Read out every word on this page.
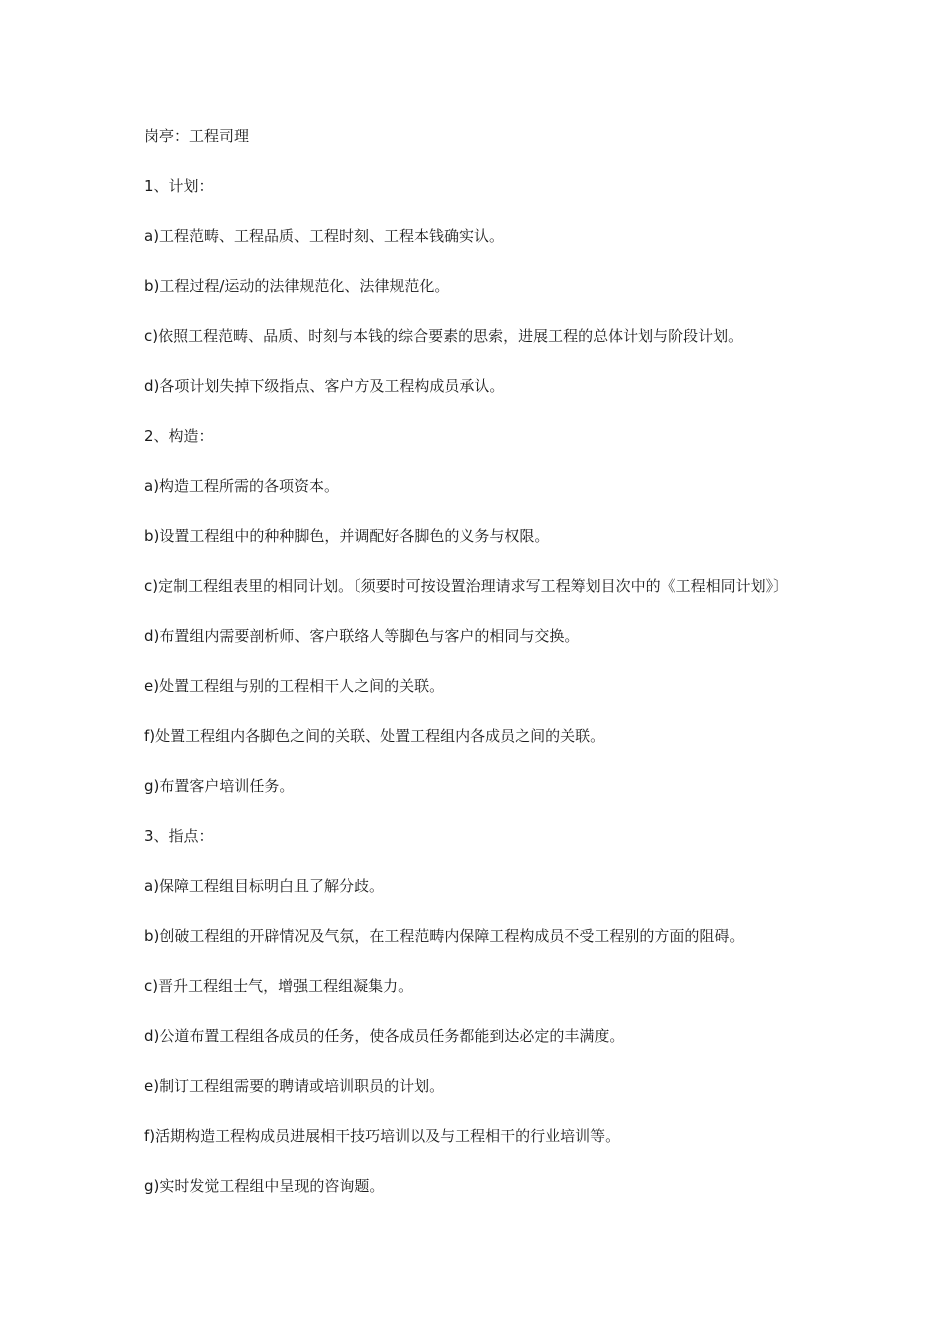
岗亭：工程司理

1、计划：

a)工程范畴、工程品质、工程时刻、工程本钱确实认。

b)工程过程/运动的法律规范化、法律规范化。

c)依照工程范畴、品质、时刻与本钱的综合要素的思索，进展工程的总体计划与阶段计划。

d)各项计划失掉下级指点、客户方及工程构成员承认。

2、构造：

a)构造工程所需的各项资本。

b)设置工程组中的种种脚色，并调配好各脚色的义务与权限。

c)定制工程组表里的相同计划。〔须要时可按设置治理请求写工程筹划目次中的《工程相同计划》〕

d)布置组内需要剖析师、客户联络人等脚色与客户的相同与交换。

e)处置工程组与别的工程相干人之间的关联。

f)处置工程组内各脚色之间的关联、处置工程组内各成员之间的关联。

g)布置客户培训任务。

3、指点：

a)保障工程组目标明白且了解分歧。

b)创破工程组的开辟情况及气氛，在工程范畴内保障工程构成员不受工程别的方面的阻碍。

c)晋升工程组士气，增强工程组凝集力。

d)公道布置工程组各成员的任务，使各成员任务都能到达必定的丰满度。

e)制订工程组需要的聘请或培训职员的计划。

f)活期构造工程构成员进展相干技巧培训以及与工程相干的行业培训等。

g)实时发觉工程组中呈现的咨询题。
